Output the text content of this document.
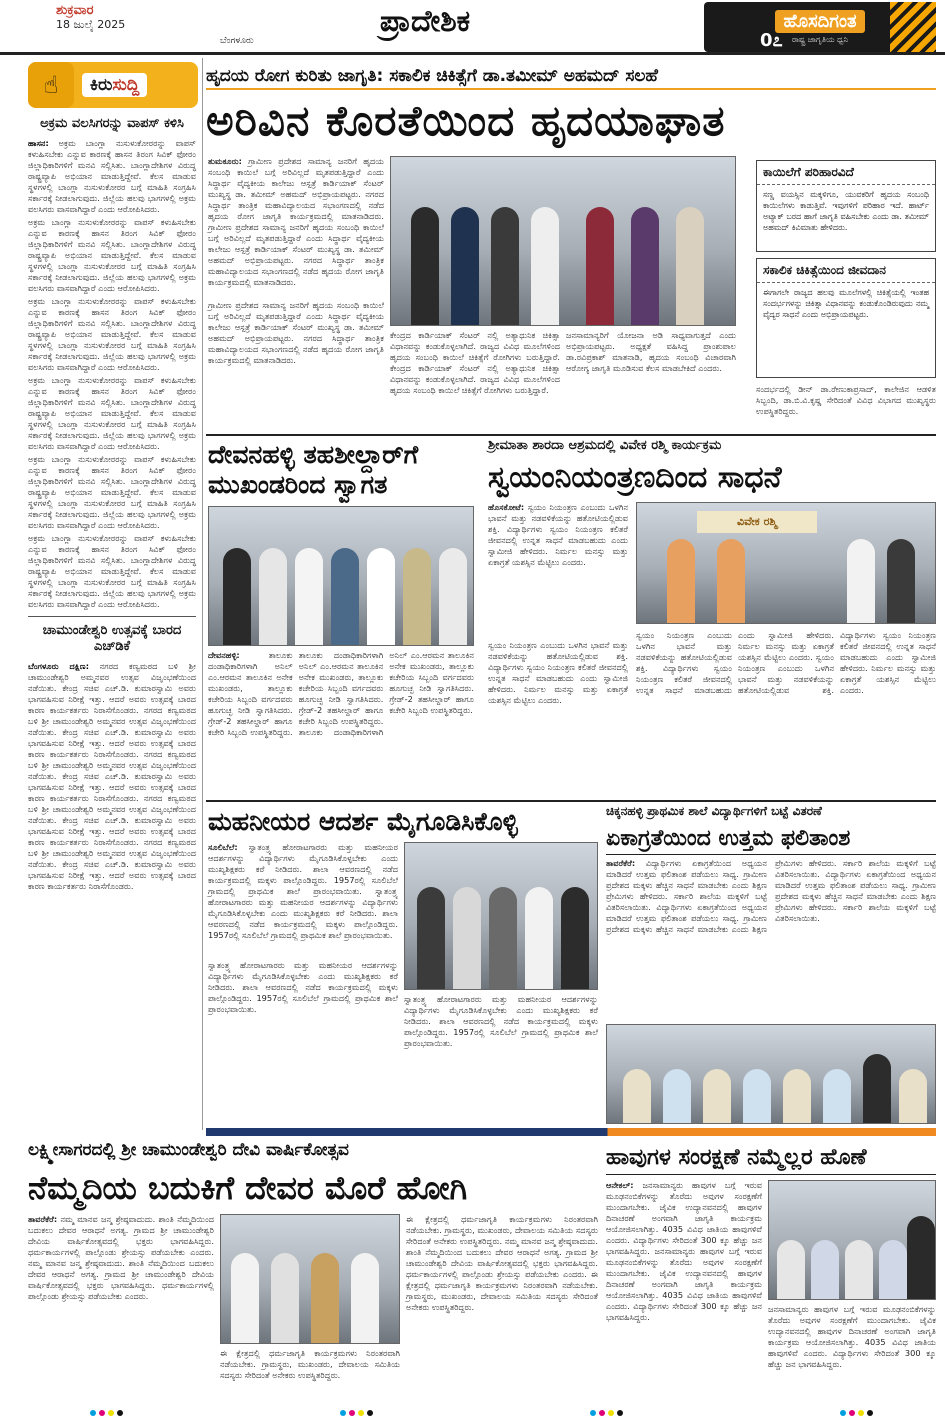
ಶುಕ್ರವಾರ
18 ಜುಲೈ 2025
ಬೆಂಗಳೂರು
ಪ್ರಾದೇಶಿಕ	ಹೊಸದಿಗಂತ
ರಾಷ್ಟ್ರ ಜಾಗೃತಿಯ ಧ್ವನಿ
0೭
☝	ಕಿರುಸುದ್ದಿ
ಅಕ್ರಮ ವಲಸಿಗರನ್ನು ವಾಪಸ್ ಕಳಿಸಿ
ಹಾಸನ: ಅಕ್ರಮ ಬಾಂಗ್ಲಾ ನುಸುಳುಕೋರರನ್ನು ವಾಪಸ್ ಕಳುಹಿಸಬೇಕು ಎನ್ನುವ ಕಾರಣಕ್ಕೆ ಹಾಸನ ತಿರಂಗ ಸಿವಿಕ್ ಫೋರಂ ಜಿಲ್ಲಾಧಿಕಾರಿಗಳಿಗೆ ಮನವಿ ಸಲ್ಲಿಸಿತು. ಬಾಂಗ್ಲಾದೇಶಿಗಳ ವಿರುದ್ಧ ರಾಷ್ಟ್ರವ್ಯಾಪಿ ಅಭಿಯಾನ ಮಾಡುತ್ತಿದ್ದೇವೆ. ಕೆಲಸ ಮಾಡುವ ಸ್ಥಳಗಳಲ್ಲಿ ಬಾಂಗ್ಲಾ ನುಸುಳುಕೋರರ ಬಗ್ಗೆ ಮಾಹಿತಿ ಸಂಗ್ರಹಿಸಿ ಸರ್ಕಾರಕ್ಕೆ ನೀಡಲಾಗುವುದು. ಜಿಲ್ಲೆಯ ಹಲವು ಭಾಗಗಳಲ್ಲಿ ಅಕ್ರಮ ವಲಸಿಗರು ವಾಸವಾಗಿದ್ದಾರೆ ಎಂದು ಆರೋಪಿಸಿದರು.
ಅಕ್ರಮ ಬಾಂಗ್ಲಾ ನುಸುಳುಕೋರರನ್ನು ವಾಪಸ್ ಕಳುಹಿಸಬೇಕು ಎನ್ನುವ ಕಾರಣಕ್ಕೆ ಹಾಸನ ತಿರಂಗ ಸಿವಿಕ್ ಫೋರಂ ಜಿಲ್ಲಾಧಿಕಾರಿಗಳಿಗೆ ಮನವಿ ಸಲ್ಲಿಸಿತು. ಬಾಂಗ್ಲಾದೇಶಿಗಳ ವಿರುದ್ಧ ರಾಷ್ಟ್ರವ್ಯಾಪಿ ಅಭಿಯಾನ ಮಾಡುತ್ತಿದ್ದೇವೆ. ಕೆಲಸ ಮಾಡುವ ಸ್ಥಳಗಳಲ್ಲಿ ಬಾಂಗ್ಲಾ ನುಸುಳುಕೋರರ ಬಗ್ಗೆ ಮಾಹಿತಿ ಸಂಗ್ರಹಿಸಿ ಸರ್ಕಾರಕ್ಕೆ ನೀಡಲಾಗುವುದು. ಜಿಲ್ಲೆಯ ಹಲವು ಭಾಗಗಳಲ್ಲಿ ಅಕ್ರಮ ವಲಸಿಗರು ವಾಸವಾಗಿದ್ದಾರೆ ಎಂದು ಆರೋಪಿಸಿದರು.
ಅಕ್ರಮ ಬಾಂಗ್ಲಾ ನುಸುಳುಕೋರರನ್ನು ವಾಪಸ್ ಕಳುಹಿಸಬೇಕು ಎನ್ನುವ ಕಾರಣಕ್ಕೆ ಹಾಸನ ತಿರಂಗ ಸಿವಿಕ್ ಫೋರಂ ಜಿಲ್ಲಾಧಿಕಾರಿಗಳಿಗೆ ಮನವಿ ಸಲ್ಲಿಸಿತು. ಬಾಂಗ್ಲಾದೇಶಿಗಳ ವಿರುದ್ಧ ರಾಷ್ಟ್ರವ್ಯಾಪಿ ಅಭಿಯಾನ ಮಾಡುತ್ತಿದ್ದೇವೆ. ಕೆಲಸ ಮಾಡುವ ಸ್ಥಳಗಳಲ್ಲಿ ಬಾಂಗ್ಲಾ ನುಸುಳುಕೋರರ ಬಗ್ಗೆ ಮಾಹಿತಿ ಸಂಗ್ರಹಿಸಿ ಸರ್ಕಾರಕ್ಕೆ ನೀಡಲಾಗುವುದು. ಜಿಲ್ಲೆಯ ಹಲವು ಭಾಗಗಳಲ್ಲಿ ಅಕ್ರಮ ವಲಸಿಗರು ವಾಸವಾಗಿದ್ದಾರೆ ಎಂದು ಆರೋಪಿಸಿದರು.
ಅಕ್ರಮ ಬಾಂಗ್ಲಾ ನುಸುಳುಕೋರರನ್ನು ವಾಪಸ್ ಕಳುಹಿಸಬೇಕು ಎನ್ನುವ ಕಾರಣಕ್ಕೆ ಹಾಸನ ತಿರಂಗ ಸಿವಿಕ್ ಫೋರಂ ಜಿಲ್ಲಾಧಿಕಾರಿಗಳಿಗೆ ಮನವಿ ಸಲ್ಲಿಸಿತು. ಬಾಂಗ್ಲಾದೇಶಿಗಳ ವಿರುದ್ಧ ರಾಷ್ಟ್ರವ್ಯಾಪಿ ಅಭಿಯಾನ ಮಾಡುತ್ತಿದ್ದೇವೆ. ಕೆಲಸ ಮಾಡುವ ಸ್ಥಳಗಳಲ್ಲಿ ಬಾಂಗ್ಲಾ ನುಸುಳುಕೋರರ ಬಗ್ಗೆ ಮಾಹಿತಿ ಸಂಗ್ರಹಿಸಿ ಸರ್ಕಾರಕ್ಕೆ ನೀಡಲಾಗುವುದು. ಜಿಲ್ಲೆಯ ಹಲವು ಭಾಗಗಳಲ್ಲಿ ಅಕ್ರಮ ವಲಸಿಗರು ವಾಸವಾಗಿದ್ದಾರೆ ಎಂದು ಆರೋಪಿಸಿದರು.
ಅಕ್ರಮ ಬಾಂಗ್ಲಾ ನುಸುಳುಕೋರರನ್ನು ವಾಪಸ್ ಕಳುಹಿಸಬೇಕು ಎನ್ನುವ ಕಾರಣಕ್ಕೆ ಹಾಸನ ತಿರಂಗ ಸಿವಿಕ್ ಫೋರಂ ಜಿಲ್ಲಾಧಿಕಾರಿಗಳಿಗೆ ಮನವಿ ಸಲ್ಲಿಸಿತು. ಬಾಂಗ್ಲಾದೇಶಿಗಳ ವಿರುದ್ಧ ರಾಷ್ಟ್ರವ್ಯಾಪಿ ಅಭಿಯಾನ ಮಾಡುತ್ತಿದ್ದೇವೆ. ಕೆಲಸ ಮಾಡುವ ಸ್ಥಳಗಳಲ್ಲಿ ಬಾಂಗ್ಲಾ ನುಸುಳುಕೋರರ ಬಗ್ಗೆ ಮಾಹಿತಿ ಸಂಗ್ರಹಿಸಿ ಸರ್ಕಾರಕ್ಕೆ ನೀಡಲಾಗುವುದು. ಜಿಲ್ಲೆಯ ಹಲವು ಭಾಗಗಳಲ್ಲಿ ಅಕ್ರಮ ವಲಸಿಗರು ವಾಸವಾಗಿದ್ದಾರೆ ಎಂದು ಆರೋಪಿಸಿದರು.
ಅಕ್ರಮ ಬಾಂಗ್ಲಾ ನುಸುಳುಕೋರರನ್ನು ವಾಪಸ್ ಕಳುಹಿಸಬೇಕು ಎನ್ನುವ ಕಾರಣಕ್ಕೆ ಹಾಸನ ತಿರಂಗ ಸಿವಿಕ್ ಫೋರಂ ಜಿಲ್ಲಾಧಿಕಾರಿಗಳಿಗೆ ಮನವಿ ಸಲ್ಲಿಸಿತು. ಬಾಂಗ್ಲಾದೇಶಿಗಳ ವಿರುದ್ಧ ರಾಷ್ಟ್ರವ್ಯಾಪಿ ಅಭಿಯಾನ ಮಾಡುತ್ತಿದ್ದೇವೆ. ಕೆಲಸ ಮಾಡುವ ಸ್ಥಳಗಳಲ್ಲಿ ಬಾಂಗ್ಲಾ ನುಸುಳುಕೋರರ ಬಗ್ಗೆ ಮಾಹಿತಿ ಸಂಗ್ರಹಿಸಿ ಸರ್ಕಾರಕ್ಕೆ ನೀಡಲಾಗುವುದು. ಜಿಲ್ಲೆಯ ಹಲವು ಭಾಗಗಳಲ್ಲಿ ಅಕ್ರಮ ವಲಸಿಗರು ವಾಸವಾಗಿದ್ದಾರೆ ಎಂದು ಆರೋಪಿಸಿದರು.
ಚಾಮುಂಡೇಶ್ವರಿ ಉತ್ಸವಕ್ಕೆ ಬಾರದ ಎಚ್‌ಡಿಕೆ
ಬೆಂಗಳೂರು ದಕ್ಷಿಣ: ನಗರದ ಕಣ್ವಮಠದ ಬಳಿ ಶ್ರೀ ಚಾಮುಂಡೇಶ್ವರಿ ಅಮ್ಮನವರ ಉತ್ಸವ ವಿಜೃಂಭಣೆಯಿಂದ ನಡೆಯಿತು. ಕೇಂದ್ರ ಸಚಿವ ಎಚ್.ಡಿ. ಕುಮಾರಸ್ವಾಮಿ ಅವರು ಭಾಗವಹಿಸುವ ನಿರೀಕ್ಷೆ ಇತ್ತು. ಆದರೆ ಅವರು ಉತ್ಸವಕ್ಕೆ ಬಾರದ ಕಾರಣ ಕಾರ್ಯಕರ್ತರು ನಿರಾಸೆಗೊಂಡರು. ನಗರದ ಕಣ್ವಮಠದ ಬಳಿ ಶ್ರೀ ಚಾಮುಂಡೇಶ್ವರಿ ಅಮ್ಮನವರ ಉತ್ಸವ ವಿಜೃಂಭಣೆಯಿಂದ ನಡೆಯಿತು. ಕೇಂದ್ರ ಸಚಿವ ಎಚ್.ಡಿ. ಕುಮಾರಸ್ವಾಮಿ ಅವರು ಭಾಗವಹಿಸುವ ನಿರೀಕ್ಷೆ ಇತ್ತು. ಆದರೆ ಅವರು ಉತ್ಸವಕ್ಕೆ ಬಾರದ ಕಾರಣ ಕಾರ್ಯಕರ್ತರು ನಿರಾಸೆಗೊಂಡರು. ನಗರದ ಕಣ್ವಮಠದ ಬಳಿ ಶ್ರೀ ಚಾಮುಂಡೇಶ್ವರಿ ಅಮ್ಮನವರ ಉತ್ಸವ ವಿಜೃಂಭಣೆಯಿಂದ ನಡೆಯಿತು. ಕೇಂದ್ರ ಸಚಿವ ಎಚ್.ಡಿ. ಕುಮಾರಸ್ವಾಮಿ ಅವರು ಭಾಗವಹಿಸುವ ನಿರೀಕ್ಷೆ ಇತ್ತು. ಆದರೆ ಅವರು ಉತ್ಸವಕ್ಕೆ ಬಾರದ ಕಾರಣ ಕಾರ್ಯಕರ್ತರು ನಿರಾಸೆಗೊಂಡರು. ನಗರದ ಕಣ್ವಮಠದ ಬಳಿ ಶ್ರೀ ಚಾಮುಂಡೇಶ್ವರಿ ಅಮ್ಮನವರ ಉತ್ಸವ ವಿಜೃಂಭಣೆಯಿಂದ ನಡೆಯಿತು. ಕೇಂದ್ರ ಸಚಿವ ಎಚ್.ಡಿ. ಕುಮಾರಸ್ವಾಮಿ ಅವರು ಭಾಗವಹಿಸುವ ನಿರೀಕ್ಷೆ ಇತ್ತು. ಆದರೆ ಅವರು ಉತ್ಸವಕ್ಕೆ ಬಾರದ ಕಾರಣ ಕಾರ್ಯಕರ್ತರು ನಿರಾಸೆಗೊಂಡರು. ನಗರದ ಕಣ್ವಮಠದ ಬಳಿ ಶ್ರೀ ಚಾಮುಂಡೇಶ್ವರಿ ಅಮ್ಮನವರ ಉತ್ಸವ ವಿಜೃಂಭಣೆಯಿಂದ ನಡೆಯಿತು. ಕೇಂದ್ರ ಸಚಿವ ಎಚ್.ಡಿ. ಕುಮಾರಸ್ವಾಮಿ ಅವರು ಭಾಗವಹಿಸುವ ನಿರೀಕ್ಷೆ ಇತ್ತು. ಆದರೆ ಅವರು ಉತ್ಸವಕ್ಕೆ ಬಾರದ ಕಾರಣ ಕಾರ್ಯಕರ್ತರು ನಿರಾಸೆಗೊಂಡರು.
ಹೃದಯ ರೋಗ ಕುರಿತು ಜಾಗೃತಿ: ಸಕಾಲಿಕ ಚಿಕಿತ್ಸೆಗೆ ಡಾ.ತಮೀಮ್ ಅಹಮದ್ ಸಲಹೆ
ಅರಿವಿನ ಕೊರತೆಯಿಂದ ಹೃದಯಾಘಾತ
ತುಮಕೂರು: ಗ್ರಾಮೀಣ ಪ್ರದೇಶದ ಸಾಮಾನ್ಯ ಜನರಿಗೆ ಹೃದಯ ಸಂಬಂಧಿ ಕಾಯಿಲೆ ಬಗ್ಗೆ ಅರಿವಿಲ್ಲದೆ ಮೃತಪಡುತ್ತಿದ್ದಾರೆ ಎಂದು ಸಿದ್ಧಾರ್ಥ ವೈದ್ಯಕೀಯ ಕಾಲೇಜು ಆಸ್ಪತ್ರೆ ಕಾರ್ಡಿಯಾಕ್ ಸೆಂಟರ್ ಮುಖ್ಯಸ್ಥ ಡಾ. ತಮೀಮ್ ಅಹಮದ್ ಅಭಿಪ್ರಾಯಪಟ್ಟರು. ನಗರದ ಸಿದ್ಧಾರ್ಥ ತಾಂತ್ರಿಕ ಮಹಾವಿದ್ಯಾಲಯದ ಸಭಾಂಗಣದಲ್ಲಿ ನಡೆದ ಹೃದಯ ರೋಗ ಜಾಗೃತಿ ಕಾರ್ಯಕ್ರಮದಲ್ಲಿ ಮಾತನಾಡಿದರು. ಗ್ರಾಮೀಣ ಪ್ರದೇಶದ ಸಾಮಾನ್ಯ ಜನರಿಗೆ ಹೃದಯ ಸಂಬಂಧಿ ಕಾಯಿಲೆ ಬಗ್ಗೆ ಅರಿವಿಲ್ಲದೆ ಮೃತಪಡುತ್ತಿದ್ದಾರೆ ಎಂದು ಸಿದ್ಧಾರ್ಥ ವೈದ್ಯಕೀಯ ಕಾಲೇಜು ಆಸ್ಪತ್ರೆ ಕಾರ್ಡಿಯಾಕ್ ಸೆಂಟರ್ ಮುಖ್ಯಸ್ಥ ಡಾ. ತಮೀಮ್ ಅಹಮದ್ ಅಭಿಪ್ರಾಯಪಟ್ಟರು. ನಗರದ ಸಿದ್ಧಾರ್ಥ ತಾಂತ್ರಿಕ ಮಹಾವಿದ್ಯಾಲಯದ ಸಭಾಂಗಣದಲ್ಲಿ ನಡೆದ ಹೃದಯ ರೋಗ ಜಾಗೃತಿ ಕಾರ್ಯಕ್ರಮದಲ್ಲಿ ಮಾತನಾಡಿದರು.
ಕೇಂದ್ರದ ಕಾರ್ಡಿಯಾಕ್ ಸೆಂಟರ್ ನಲ್ಲಿ ಅತ್ಯಾಧುನಿಕ ಚಿಕಿತ್ಸಾ ವಿಧಾನವನ್ನು ಕಂಡುಕೊಳ್ಳಲಾಗಿದೆ. ರಾಜ್ಯದ ವಿವಿಧ ಮೂಲೆಗಳಿಂದ ಹೃದಯ ಸಂಬಂಧಿ ಕಾಯಿಲೆ ಚಿಕಿತ್ಸೆಗೆ ರೋಗಿಗಳು ಬರುತ್ತಿದ್ದಾರೆ. ಕೇಂದ್ರದ ಕಾರ್ಡಿಯಾಕ್ ಸೆಂಟರ್ ನಲ್ಲಿ ಅತ್ಯಾಧುನಿಕ ಚಿಕಿತ್ಸಾ ವಿಧಾನವನ್ನು ಕಂಡುಕೊಳ್ಳಲಾಗಿದೆ. ರಾಜ್ಯದ ವಿವಿಧ ಮೂಲೆಗಳಿಂದ ಹೃದಯ ಸಂಬಂಧಿ ಕಾಯಿಲೆ ಚಿಕಿತ್ಸೆಗೆ ರೋಗಿಗಳು ಬರುತ್ತಿದ್ದಾರೆ.
ಜನಸಾಮಾನ್ಯರಿಗೆ ಯೋಜನಾ ಅಡಿ ಸಾಧ್ಯವಾಗುತ್ತದೆ ಎಂದು ಅಭಿಪ್ರಾಯಪಟ್ಟರು. ಅಧ್ಯಕ್ಷತೆ ವಹಿಸಿದ್ದ ಪ್ರಾಂಶುಪಾಲ ಡಾ.ರವಿಪ್ರಕಾಶ್ ಮಾತನಾಡಿ, ಹೃದಯ ಸಂಬಂಧಿ ವಿಚಾರವಾಗಿ ಆರೋಗ್ಯ ಜಾಗೃತಿ ಮೂಡಿಸುವ ಕೆಲಸ ಮಾಡಬೇಕಿದೆ ಎಂದರು.
ಗ್ರಾಮೀಣ ಪ್ರದೇಶದ ಸಾಮಾನ್ಯ ಜನರಿಗೆ ಹೃದಯ ಸಂಬಂಧಿ ಕಾಯಿಲೆ ಬಗ್ಗೆ ಅರಿವಿಲ್ಲದೆ ಮೃತಪಡುತ್ತಿದ್ದಾರೆ ಎಂದು ಸಿದ್ಧಾರ್ಥ ವೈದ್ಯಕೀಯ ಕಾಲೇಜು ಆಸ್ಪತ್ರೆ ಕಾರ್ಡಿಯಾಕ್ ಸೆಂಟರ್ ಮುಖ್ಯಸ್ಥ ಡಾ. ತಮೀಮ್ ಅಹಮದ್ ಅಭಿಪ್ರಾಯಪಟ್ಟರು. ನಗರದ ಸಿದ್ಧಾರ್ಥ ತಾಂತ್ರಿಕ ಮಹಾವಿದ್ಯಾಲಯದ ಸಭಾಂಗಣದಲ್ಲಿ ನಡೆದ ಹೃದಯ ರೋಗ ಜಾಗೃತಿ ಕಾರ್ಯಕ್ರಮದಲ್ಲಿ ಮಾತನಾಡಿದರು.
ಕಾಯಿಲೆಗೆ ಪರಿಹಾರವಿದೆ
ಸಣ್ಣ ವಯಸ್ಸಿನ ಮಕ್ಕಳಿಗೂ, ಯುವಕರಿಗೆ ಹೃದಯ ಸಂಬಂಧಿ ಕಾಯಿಲೆಗಳು ಕಾಡುತ್ತಿವೆ. ಇವುಗಳಿಗೆ ಪರಿಹಾರ ಇದೆ. ಹಾರ್ಟ್ ಅಟ್ಯಾಕ್ ಬರದ ಹಾಗೆ ಜಾಗೃತಿ ವಹಿಸಬೇಕು ಎಂದು ಡಾ. ತಮೀಮ್ ಅಹಮದ್ ಕಿವಿಮಾತು ಹೇಳಿದರು.
ಸಕಾಲಿಕ ಚಿಕಿತ್ಸೆಯಿಂದ ಜೀವದಾನ
ಈಗಾಗಲೇ ರಾಜ್ಯದ ಹಲವು ಮೂಲೆಗಳಲ್ಲಿ ಚಿಕಿತ್ಸೆಯಲ್ಲಿ ಇಂತಹ ಸಂದರ್ಭಗಳನ್ನು ಚಿಕಿತ್ಸಾ ವಿಧಾನವನ್ನು ಕಂಡುಕೊಂಡಿರುವುದು ನಮ್ಮ ವೈದ್ಯರ ಸಾಧನೆ ಎಂದು ಅಭಿಪ್ರಾಯಪಟ್ಟರು.
ಸಂದರ್ಭದಲ್ಲಿ ಡೀನ್ ಡಾ.ರೇಣುಕಾಪ್ರಸಾದ್, ಕಾಲೇಜಿನ ಆಡಳಿತ ಸಿಬ್ಬಂದಿ, ಡಾ.ಬಿ.ವಿ.ಕೃಷ್ಣ ಸೇರಿದಂತೆ ವಿವಿಧ ವಿಭಾಗದ ಮುಖ್ಯಸ್ಥರು ಉಪಸ್ಥಿತರಿದ್ದರು.
ದೇವನಹಳ್ಳಿ ತಹಶೀಲ್ದಾರ್‌ಗೆ
ಮುಖಂಡರಿಂದ ಸ್ವಾಗತ
ದೇವನಹಳ್ಳಿ:	ತಾಲೂಕು ದಂಡಾಧಿಕಾರಿಗಳಾಗಿ ಅನಿಲ್ ಎಂ.ಆರಮನ ತಾಲೂಕಿನ ಅನೇಕ ಮುಖಂಡರು, ತಾಲ್ಲೂಕು ಕಚೇರಿಯ ಸಿಬ್ಬಂದಿ ವರ್ಗದವರು ಹೂಗುಚ್ಛ ನೀಡಿ ಸ್ವಾಗತಿಸಿದರು. ಗ್ರೇಡ್-2 ತಹಸೀಲ್ದಾರ್ ಹಾಗೂ ಕಚೇರಿ ಸಿಬ್ಬಂದಿ ಉಪಸ್ಥಿತರಿದ್ದರು. ತಾಲೂಕು ದಂಡಾಧಿಕಾರಿಗಳಾಗಿ ಅನಿಲ್ ಎಂ.ಆರಮನ ತಾಲೂಕಿನ ಅನೇಕ ಮುಖಂಡರು, ತಾಲ್ಲೂಕು ಕಚೇರಿಯ ಸಿಬ್ಬಂದಿ ವರ್ಗದವರು ಹೂಗುಚ್ಛ ನೀಡಿ ಸ್ವಾಗತಿಸಿದರು. ಗ್ರೇಡ್-2 ತಹಸೀಲ್ದಾರ್ ಹಾಗೂ ಕಚೇರಿ ಸಿಬ್ಬಂದಿ ಉಪಸ್ಥಿತರಿದ್ದರು. ತಾಲೂಕು ದಂಡಾಧಿಕಾರಿಗಳಾಗಿ ಅನಿಲ್ ಎಂ.ಆರಮನ ತಾಲೂಕಿನ ಅನೇಕ ಮುಖಂಡರು, ತಾಲ್ಲೂಕು ಕಚೇರಿಯ ಸಿಬ್ಬಂದಿ ವರ್ಗದವರು ಹೂಗುಚ್ಛ ನೀಡಿ ಸ್ವಾಗತಿಸಿದರು. ಗ್ರೇಡ್-2 ತಹಸೀಲ್ದಾರ್ ಹಾಗೂ ಕಚೇರಿ ಸಿಬ್ಬಂದಿ ಉಪಸ್ಥಿತರಿದ್ದರು.
ಶ್ರೀಮಾತಾ ಶಾರದಾ ಆಶ್ರಮದಲ್ಲಿ ವಿವೇಕ ರಶ್ಮಿ ಕಾರ್ಯಕ್ರಮ
ಸ್ವಯಂನಿಯಂತ್ರಣದಿಂದ ಸಾಧನೆ
ಹೊಸಕೋಟೆ: ಸ್ವಯಂ ನಿಯಂತ್ರಣ ಎಂಬುದು ಒಳಗಿನ ಭಾವನೆ ಮತ್ತು ನಡವಳಿಕೆಯನ್ನು ಹತೋಟಿಯಲ್ಲಿಡುವ ಶಕ್ತಿ. ವಿದ್ಯಾರ್ಥಿಗಳು ಸ್ವಯಂ ನಿಯಂತ್ರಣ ಕಲಿತರೆ ಜೀವನದಲ್ಲಿ ಉನ್ನತ ಸಾಧನೆ ಮಾಡಬಹುದು ಎಂದು ಸ್ವಾಮೀಜಿ ಹೇಳಿದರು. ನಿರ್ಮಲ ಮನಸ್ಸು ಮತ್ತು ಏಕಾಗ್ರತೆ ಯಶಸ್ಸಿನ ಮೆಟ್ಟಿಲು ಎಂದರು.
ವಿವೇಕ ರಶ್ಮಿ
ಸ್ವಯಂ ನಿಯಂತ್ರಣ ಎಂಬುದು ಒಳಗಿನ ಭಾವನೆ ಮತ್ತು ನಡವಳಿಕೆಯನ್ನು ಹತೋಟಿಯಲ್ಲಿಡುವ ಶಕ್ತಿ. ವಿದ್ಯಾರ್ಥಿಗಳು ಸ್ವಯಂ ನಿಯಂತ್ರಣ ಕಲಿತರೆ ಜೀವನದಲ್ಲಿ ಉನ್ನತ ಸಾಧನೆ ಮಾಡಬಹುದು ಎಂದು ಸ್ವಾಮೀಜಿ ಹೇಳಿದರು. ನಿರ್ಮಲ ಮನಸ್ಸು ಮತ್ತು ಏಕಾಗ್ರತೆ ಯಶಸ್ಸಿನ ಮೆಟ್ಟಿಲು ಎಂದರು. ಸ್ವಯಂ ನಿಯಂತ್ರಣ ಎಂಬುದು ಒಳಗಿನ ಭಾವನೆ ಮತ್ತು ನಡವಳಿಕೆಯನ್ನು ಹತೋಟಿಯಲ್ಲಿಡುವ ಶಕ್ತಿ. ವಿದ್ಯಾರ್ಥಿಗಳು ಸ್ವಯಂ ನಿಯಂತ್ರಣ ಕಲಿತರೆ ಜೀವನದಲ್ಲಿ ಉನ್ನತ ಸಾಧನೆ ಮಾಡಬಹುದು ಎಂದು ಸ್ವಾಮೀಜಿ ಹೇಳಿದರು. ನಿರ್ಮಲ ಮನಸ್ಸು ಮತ್ತು ಏಕಾಗ್ರತೆ ಯಶಸ್ಸಿನ ಮೆಟ್ಟಿಲು ಎಂದರು.
ಸ್ವಯಂ ನಿಯಂತ್ರಣ ಎಂಬುದು ಒಳಗಿನ ಭಾವನೆ ಮತ್ತು ನಡವಳಿಕೆಯನ್ನು ಹತೋಟಿಯಲ್ಲಿಡುವ ಶಕ್ತಿ. ವಿದ್ಯಾರ್ಥಿಗಳು ಸ್ವಯಂ ನಿಯಂತ್ರಣ ಕಲಿತರೆ ಜೀವನದಲ್ಲಿ ಉನ್ನತ ಸಾಧನೆ ಮಾಡಬಹುದು ಎಂದು ಸ್ವಾಮೀಜಿ ಹೇಳಿದರು. ನಿರ್ಮಲ ಮನಸ್ಸು ಮತ್ತು ಏಕಾಗ್ರತೆ ಯಶಸ್ಸಿನ ಮೆಟ್ಟಿಲು ಎಂದರು.
ಮಹನೀಯರ ಆದರ್ಶ ಮೈಗೂಡಿಸಿಕೊಳ್ಳಿ
ಸೂಲಿಬೆಲೆ: ಸ್ವಾತಂತ್ರ್ಯ ಹೋರಾಟಗಾರರು ಮತ್ತು ಮಹನೀಯರ ಆದರ್ಶಗಳನ್ನು ವಿದ್ಯಾರ್ಥಿಗಳು ಮೈಗೂಡಿಸಿಕೊಳ್ಳಬೇಕು ಎಂದು ಮುಖ್ಯಶಿಕ್ಷಕರು ಕರೆ ನೀಡಿದರು. ಶಾಲಾ ಆವರಣದಲ್ಲಿ ನಡೆದ ಕಾರ್ಯಕ್ರಮದಲ್ಲಿ ಮಕ್ಕಳು ಪಾಲ್ಗೊಂಡಿದ್ದರು. 1957ರಲ್ಲಿ ಸೂಲಿಬೆಲೆ ಗ್ರಾಮದಲ್ಲಿ ಪ್ರಾಥಮಿಕ ಶಾಲೆ ಪ್ರಾರಂಭವಾಯಿತು. ಸ್ವಾತಂತ್ರ್ಯ ಹೋರಾಟಗಾರರು ಮತ್ತು ಮಹನೀಯರ ಆದರ್ಶಗಳನ್ನು ವಿದ್ಯಾರ್ಥಿಗಳು ಮೈಗೂಡಿಸಿಕೊಳ್ಳಬೇಕು ಎಂದು ಮುಖ್ಯಶಿಕ್ಷಕರು ಕರೆ ನೀಡಿದರು. ಶಾಲಾ ಆವರಣದಲ್ಲಿ ನಡೆದ ಕಾರ್ಯಕ್ರಮದಲ್ಲಿ ಮಕ್ಕಳು ಪಾಲ್ಗೊಂಡಿದ್ದರು. 1957ರಲ್ಲಿ ಸೂಲಿಬೆಲೆ ಗ್ರಾಮದಲ್ಲಿ ಪ್ರಾಥಮಿಕ ಶಾಲೆ ಪ್ರಾರಂಭವಾಯಿತು.
ಸ್ವಾತಂತ್ರ್ಯ ಹೋರಾಟಗಾರರು ಮತ್ತು ಮಹನೀಯರ ಆದರ್ಶಗಳನ್ನು ವಿದ್ಯಾರ್ಥಿಗಳು ಮೈಗೂಡಿಸಿಕೊಳ್ಳಬೇಕು ಎಂದು ಮುಖ್ಯಶಿಕ್ಷಕರು ಕರೆ ನೀಡಿದರು. ಶಾಲಾ ಆವರಣದಲ್ಲಿ ನಡೆದ ಕಾರ್ಯಕ್ರಮದಲ್ಲಿ ಮಕ್ಕಳು ಪಾಲ್ಗೊಂಡಿದ್ದರು. 1957ರಲ್ಲಿ ಸೂಲಿಬೆಲೆ ಗ್ರಾಮದಲ್ಲಿ ಪ್ರಾಥಮಿಕ ಶಾಲೆ ಪ್ರಾರಂಭವಾಯಿತು.
ಸ್ವಾತಂತ್ರ್ಯ ಹೋರಾಟಗಾರರು ಮತ್ತು ಮಹನೀಯರ ಆದರ್ಶಗಳನ್ನು ವಿದ್ಯಾರ್ಥಿಗಳು ಮೈಗೂಡಿಸಿಕೊಳ್ಳಬೇಕು ಎಂದು ಮುಖ್ಯಶಿಕ್ಷಕರು ಕರೆ ನೀಡಿದರು. ಶಾಲಾ ಆವರಣದಲ್ಲಿ ನಡೆದ ಕಾರ್ಯಕ್ರಮದಲ್ಲಿ ಮಕ್ಕಳು ಪಾಲ್ಗೊಂಡಿದ್ದರು. 1957ರಲ್ಲಿ ಸೂಲಿಬೆಲೆ ಗ್ರಾಮದಲ್ಲಿ ಪ್ರಾಥಮಿಕ ಶಾಲೆ ಪ್ರಾರಂಭವಾಯಿತು.
ಚಿಕ್ಕನಹಳ್ಳಿ ಪ್ರಾಥಮಿಕ ಶಾಲೆ ವಿದ್ಯಾರ್ಥಿಗಳಿಗೆ ಬಟ್ಟೆ ವಿತರಣೆ
ಏಕಾಗ್ರತೆಯಿಂದ ಉತ್ತಮ ಫಲಿತಾಂಶ
ತಾವರೆಕೆರೆ: ವಿದ್ಯಾರ್ಥಿಗಳು ಏಕಾಗ್ರತೆಯಿಂದ ಅಧ್ಯಯನ ಮಾಡಿದರೆ ಉತ್ತಮ ಫಲಿತಾಂಶ ಪಡೆಯಲು ಸಾಧ್ಯ. ಗ್ರಾಮೀಣ ಪ್ರದೇಶದ ಮಕ್ಕಳು ಹೆಚ್ಚಿನ ಸಾಧನೆ ಮಾಡಬೇಕು ಎಂದು ಶಿಕ್ಷಣ ಪ್ರೇಮಿಗಳು ಹೇಳಿದರು. ಸರ್ಕಾರಿ ಶಾಲೆಯ ಮಕ್ಕಳಿಗೆ ಬಟ್ಟೆ ವಿತರಿಸಲಾಯಿತು. ವಿದ್ಯಾರ್ಥಿಗಳು ಏಕಾಗ್ರತೆಯಿಂದ ಅಧ್ಯಯನ ಮಾಡಿದರೆ ಉತ್ತಮ ಫಲಿತಾಂಶ ಪಡೆಯಲು ಸಾಧ್ಯ. ಗ್ರಾಮೀಣ ಪ್ರದೇಶದ ಮಕ್ಕಳು ಹೆಚ್ಚಿನ ಸಾಧನೆ ಮಾಡಬೇಕು ಎಂದು ಶಿಕ್ಷಣ ಪ್ರೇಮಿಗಳು ಹೇಳಿದರು. ಸರ್ಕಾರಿ ಶಾಲೆಯ ಮಕ್ಕಳಿಗೆ ಬಟ್ಟೆ ವಿತರಿಸಲಾಯಿತು. ವಿದ್ಯಾರ್ಥಿಗಳು ಏಕಾಗ್ರತೆಯಿಂದ ಅಧ್ಯಯನ ಮಾಡಿದರೆ ಉತ್ತಮ ಫಲಿತಾಂಶ ಪಡೆಯಲು ಸಾಧ್ಯ. ಗ್ರಾಮೀಣ ಪ್ರದೇಶದ ಮಕ್ಕಳು ಹೆಚ್ಚಿನ ಸಾಧನೆ ಮಾಡಬೇಕು ಎಂದು ಶಿಕ್ಷಣ ಪ್ರೇಮಿಗಳು ಹೇಳಿದರು. ಸರ್ಕಾರಿ ಶಾಲೆಯ ಮಕ್ಕಳಿಗೆ ಬಟ್ಟೆ ವಿತರಿಸಲಾಯಿತು.
ಲಕ್ಷ್ಮೀಸಾಗರದಲ್ಲಿ ಶ್ರೀ ಚಾಮುಂಡೇಶ್ವರಿ ದೇವಿ ವಾರ್ಷಿಕೋತ್ಸವ
ನೆಮ್ಮದಿಯ ಬದುಕಿಗೆ ದೇವರ ಮೊರೆ ಹೋಗಿ
ತಾವರೆಕೆರೆ: ನಮ್ಮ ಮಾನವ ಜನ್ಮ ಶ್ರೇಷ್ಠವಾದುದು. ಶಾಂತಿ ನೆಮ್ಮದಿಯಿಂದ ಬದುಕಲು ದೇವರ ಆರಾಧನೆ ಅಗತ್ಯ. ಗ್ರಾಮದ ಶ್ರೀ ಚಾಮುಂಡೇಶ್ವರಿ ದೇವಿಯ ವಾರ್ಷಿಕೋತ್ಸವದಲ್ಲಿ ಭಕ್ತರು ಭಾಗವಹಿಸಿದ್ದರು. ಧರ್ಮಕಾರ್ಯಗಳಲ್ಲಿ ಪಾಲ್ಗೊಂಡು ಶ್ರೇಯಸ್ಸು ಪಡೆಯಬೇಕು ಎಂದರು. ನಮ್ಮ ಮಾನವ ಜನ್ಮ ಶ್ರೇಷ್ಠವಾದುದು. ಶಾಂತಿ ನೆಮ್ಮದಿಯಿಂದ ಬದುಕಲು ದೇವರ ಆರಾಧನೆ ಅಗತ್ಯ. ಗ್ರಾಮದ ಶ್ರೀ ಚಾಮುಂಡೇಶ್ವರಿ ದೇವಿಯ ವಾರ್ಷಿಕೋತ್ಸವದಲ್ಲಿ ಭಕ್ತರು ಭಾಗವಹಿಸಿದ್ದರು. ಧರ್ಮಕಾರ್ಯಗಳಲ್ಲಿ ಪಾಲ್ಗೊಂಡು ಶ್ರೇಯಸ್ಸು ಪಡೆಯಬೇಕು ಎಂದರು.
ಈ ಕ್ಷೇತ್ರದಲ್ಲಿ ಧರ್ಮಜಾಗೃತಿ ಕಾರ್ಯಕ್ರಮಗಳು ನಿರಂತರವಾಗಿ ನಡೆಯಬೇಕು. ಗ್ರಾಮಸ್ಥರು, ಮುಖಂಡರು, ದೇವಾಲಯ ಸಮಿತಿಯ ಸದಸ್ಯರು ಸೇರಿದಂತೆ ಅನೇಕರು ಉಪಸ್ಥಿತರಿದ್ದರು.
ಈ ಕ್ಷೇತ್ರದಲ್ಲಿ ಧರ್ಮಜಾಗೃತಿ ಕಾರ್ಯಕ್ರಮಗಳು ನಿರಂತರವಾಗಿ ನಡೆಯಬೇಕು. ಗ್ರಾಮಸ್ಥರು, ಮುಖಂಡರು, ದೇವಾಲಯ ಸಮಿತಿಯ ಸದಸ್ಯರು ಸೇರಿದಂತೆ ಅನೇಕರು ಉಪಸ್ಥಿತರಿದ್ದರು. ನಮ್ಮ ಮಾನವ ಜನ್ಮ ಶ್ರೇಷ್ಠವಾದುದು. ಶಾಂತಿ ನೆಮ್ಮದಿಯಿಂದ ಬದುಕಲು ದೇವರ ಆರಾಧನೆ ಅಗತ್ಯ. ಗ್ರಾಮದ ಶ್ರೀ ಚಾಮುಂಡೇಶ್ವರಿ ದೇವಿಯ ವಾರ್ಷಿಕೋತ್ಸವದಲ್ಲಿ ಭಕ್ತರು ಭಾಗವಹಿಸಿದ್ದರು. ಧರ್ಮಕಾರ್ಯಗಳಲ್ಲಿ ಪಾಲ್ಗೊಂಡು ಶ್ರೇಯಸ್ಸು ಪಡೆಯಬೇಕು ಎಂದರು. ಈ ಕ್ಷೇತ್ರದಲ್ಲಿ ಧರ್ಮಜಾಗೃತಿ ಕಾರ್ಯಕ್ರಮಗಳು ನಿರಂತರವಾಗಿ ನಡೆಯಬೇಕು. ಗ್ರಾಮಸ್ಥರು, ಮುಖಂಡರು, ದೇವಾಲಯ ಸಮಿತಿಯ ಸದಸ್ಯರು ಸೇರಿದಂತೆ ಅನೇಕರು ಉಪಸ್ಥಿತರಿದ್ದರು.
ಹಾವುಗಳ ಸಂರಕ್ಷಣೆ ನಮ್ಮೆಲ್ಲರ ಹೊಣೆ
ಆನೇಕಲ್: ಜನಸಾಮಾನ್ಯರು ಹಾವುಗಳ ಬಗ್ಗೆ ಇರುವ ಮೂಢನಂಬಿಕೆಗಳನ್ನು ತೊರೆದು ಅವುಗಳ ಸಂರಕ್ಷಣೆಗೆ ಮುಂದಾಗಬೇಕು. ಜೈವಿಕ ಉದ್ಯಾನವನದಲ್ಲಿ ಹಾವುಗಳ ದಿನಾಚರಣೆ ಅಂಗವಾಗಿ ಜಾಗೃತಿ ಕಾರ್ಯಕ್ರಮ ಆಯೋಜಿಸಲಾಗಿತ್ತು. 4035 ವಿವಿಧ ಜಾತಿಯ ಹಾವುಗಳಿವೆ ಎಂದರು. ವಿದ್ಯಾರ್ಥಿಗಳು ಸೇರಿದಂತೆ 300 ಕ್ಕೂ ಹೆಚ್ಚು ಜನ ಭಾಗವಹಿಸಿದ್ದರು. ಜನಸಾಮಾನ್ಯರು ಹಾವುಗಳ ಬಗ್ಗೆ ಇರುವ ಮೂಢನಂಬಿಕೆಗಳನ್ನು ತೊರೆದು ಅವುಗಳ ಸಂರಕ್ಷಣೆಗೆ ಮುಂದಾಗಬೇಕು. ಜೈವಿಕ ಉದ್ಯಾನವನದಲ್ಲಿ ಹಾವುಗಳ ದಿನಾಚರಣೆ ಅಂಗವಾಗಿ ಜಾಗೃತಿ ಕಾರ್ಯಕ್ರಮ ಆಯೋಜಿಸಲಾಗಿತ್ತು. 4035 ವಿವಿಧ ಜಾತಿಯ ಹಾವುಗಳಿವೆ ಎಂದರು. ವಿದ್ಯಾರ್ಥಿಗಳು ಸೇರಿದಂತೆ 300 ಕ್ಕೂ ಹೆಚ್ಚು ಜನ ಭಾಗವಹಿಸಿದ್ದರು.
ಜನಸಾಮಾನ್ಯರು ಹಾವುಗಳ ಬಗ್ಗೆ ಇರುವ ಮೂಢನಂಬಿಕೆಗಳನ್ನು ತೊರೆದು ಅವುಗಳ ಸಂರಕ್ಷಣೆಗೆ ಮುಂದಾಗಬೇಕು. ಜೈವಿಕ ಉದ್ಯಾನವನದಲ್ಲಿ ಹಾವುಗಳ ದಿನಾಚರಣೆ ಅಂಗವಾಗಿ ಜಾಗೃತಿ ಕಾರ್ಯಕ್ರಮ ಆಯೋಜಿಸಲಾಗಿತ್ತು. 4035 ವಿವಿಧ ಜಾತಿಯ ಹಾವುಗಳಿವೆ ಎಂದರು. ವಿದ್ಯಾರ್ಥಿಗಳು ಸೇರಿದಂತೆ 300 ಕ್ಕೂ ಹೆಚ್ಚು ಜನ ಭಾಗವಹಿಸಿದ್ದರು.
